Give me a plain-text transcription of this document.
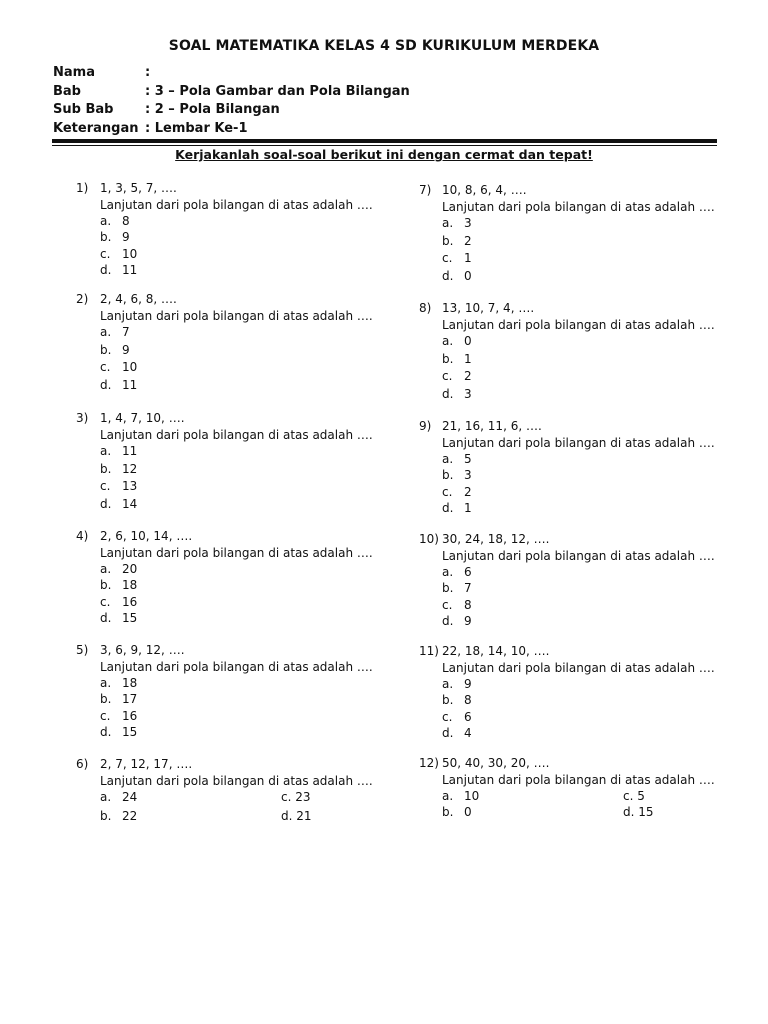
SOAL MATEMATIKA KELAS 4 SD KURIKULUM MERDEKA
Nama	:
Bab	: 3 – Pola Gambar dan Pola Bilangan
Sub Bab	: 2 – Pola Bilangan
Keterangan : Lembar Ke-1
Kerjakanlah soal-soal berikut ini dengan cermat dan tepat!
1) 1, 3, 5, 7, ….
Lanjutan dari pola bilangan di atas adalah ….
a. 8
b. 9
c. 10
d. 11
2) 2, 4, 6, 8, ….
Lanjutan dari pola bilangan di atas adalah ….
a. 7
b. 9
c. 10
d. 11
3) 1, 4, 7, 10, ….
Lanjutan dari pola bilangan di atas adalah ….
a. 11
b. 12
c. 13
d. 14
4) 2, 6, 10, 14, ….
Lanjutan dari pola bilangan di atas adalah ….
a. 20
b. 18
c. 16
d. 15
5) 3, 6, 9, 12, ….
Lanjutan dari pola bilangan di atas adalah ….
a. 18
b. 17
c. 16
d. 15
6) 2, 7, 12, 17, ….
Lanjutan dari pola bilangan di atas adalah ….
a. 24
b. 22
c. 23
d. 21
7) 10, 8, 6, 4, ….
Lanjutan dari pola bilangan di atas adalah ….
a. 3
b. 2
c. 1
d. 0
8) 13, 10, 7, 4, ….
Lanjutan dari pola bilangan di atas adalah ….
a. 0
b. 1
c. 2
d. 3
9) 21, 16, 11, 6, ….
Lanjutan dari pola bilangan di atas adalah ….
a. 5
b. 3
c. 2
d. 1
10) 30, 24, 18, 12, ….
Lanjutan dari pola bilangan di atas adalah ….
a. 6
b. 7
c. 8
d. 9
11) 22, 18, 14, 10, ….
Lanjutan dari pola bilangan di atas adalah ….
a. 9
b. 8
c. 6
d. 4
12) 50, 40, 30, 20, ….
Lanjutan dari pola bilangan di atas adalah ….
a. 10
b. 0
c. 5
d. 15
